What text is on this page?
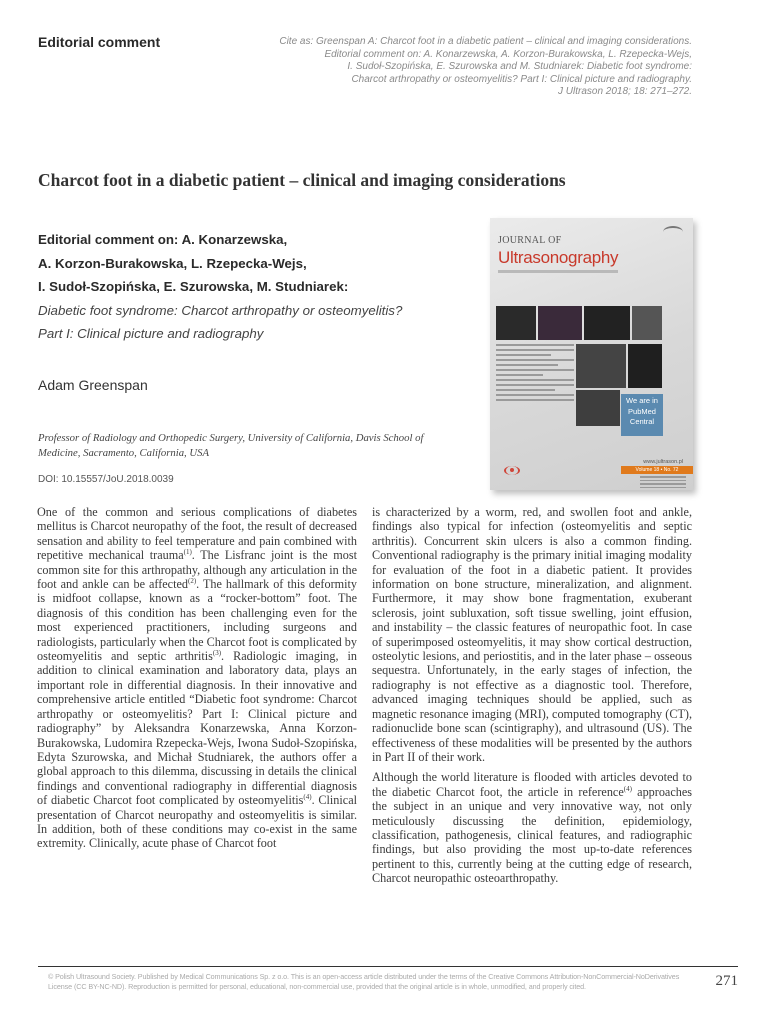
Editorial comment	Cite as: Greenspan A: Charcot foot in a diabetic patient – clinical and imaging considerations.
Editorial comment on: A. Konarzewska, A. Korzon-Burakowska, L. Rzepecka-Wejs,
I. Sudoł-Szopińska, E. Szurowska and M. Studniarek: Diabetic foot syndrome:
Charcot arthropathy or osteomyelitis? Part I: Clinical picture and radiography.
J Ultrason 2018; 18: 271–272.
Charcot foot in a diabetic patient – clinical and imaging considerations
Editorial comment on: A. Konarzewska,
A. Korzon-Burakowska, L. Rzepecka-Wejs,
I. Sudoł-Szopińska, E. Szurowska, M. Studniarek:
Diabetic foot syndrome: Charcot arthropathy or osteomyelitis?
Part I: Clinical picture and radiography
Adam Greenspan
Professor of Radiology and Orthopedic Surgery, University of California, Davis School of Medicine, Sacramento, California, USA
DOI: 10.15557/JoU.2018.0039
JOURNAL OF
Ultrasonography
We are in
PubMed
Central
www.jultrason.pl
Volume 18 • No. 72

One of the common and serious complications of diabetes mellitus is Charcot neuropathy of the foot, the result of decreased sensation and ability to feel temperature and pain combined with repetitive mechanical trauma$^{(1)}$. The Lisfranc joint is the most common site for this arthropathy, although any articulation in the foot and ankle can be affected$^{(2)}$. The hallmark of this deformity is midfoot collapse, known as a “rocker-bottom” foot. The diagnosis of this condition has been challenging even for the most experienced practitioners, including surgeons and radiologists, particularly when the Charcot foot is complicated by osteomyelitis and septic arthritis$^{(3)}$. Radiologic imaging, in addition to clinical examination and laboratory data, plays an important role in differential diagnosis. In their innovative and comprehensive article entitled “Diabetic foot syndrome: Charcot arthropathy or osteomyelitis? Part I: Clinical picture and radiography” by Aleksandra Konarzewska, Anna Korzon-Burakowska, Ludomira Rzepecka-Wejs, Iwona Sudoł-Szopińska, Edyta Szurowska, and Michał Studniarek, the authors offer a global approach to this dilemma, discussing in details the clinical findings and conventional radiography in differential diagnosis of diabetic Charcot foot complicated by osteomyelitis$^{(4)}$. Clinical presentation of Charcot neuropathy and osteomyelitis is similar. In addition, both of these conditions may co-exist in the same extremity. Clinically, acute phase of Charcot foot

is characterized by a worm, red, and swollen foot and ankle, findings also typical for infection (osteomyelitis and septic arthritis). Concurrent skin ulcers is also a common finding. Conventional radiography is the primary initial imaging modality for evaluation of the foot in a diabetic patient. It provides information on bone structure, mineralization, and alignment. Furthermore, it may show bone fragmentation, exuberant sclerosis, joint subluxation, soft tissue swelling, joint effusion, and instability – the classic features of neuropathic foot. In case of superimposed osteomyelitis, it may show cortical destruction, osteolytic lesions, and periostitis, and in the later phase – osseous sequestra. Unfortunately, in the early stages of infection, the radiography is not effective as a diagnostic tool. Therefore, advanced imaging techniques should be applied, such as magnetic resonance imaging (MRI), computed tomography (CT), radionuclide bone scan (scintigraphy), and ultrasound (US). The effectiveness of these modalities will be presented by the authors in Part II of their work.

Although the world literature is flooded with articles devoted to the diabetic Charcot foot, the article in reference$^{(4)}$ approaches the subject in an unique and very innovative way, not only meticulously discussing the definition, epidemiology, classification, pathogenesis, clinical features, and radiographic findings, but also providing the most up-to-date references pertinent to this, currently being at the cutting edge of research, Charcot neuropathic osteoarthropathy.

© Polish Ultrasound Society. Published by Medical Communications Sp. z o.o. This is an open-access article distributed under the terms of the Creative Commons Attribution-NonCommercial-NoDerivatives License (CC BY-NC-ND). Reproduction is permitted for personal, educational, non-commercial use, provided that the original article is in whole, unmodified, and properly cited.	271
